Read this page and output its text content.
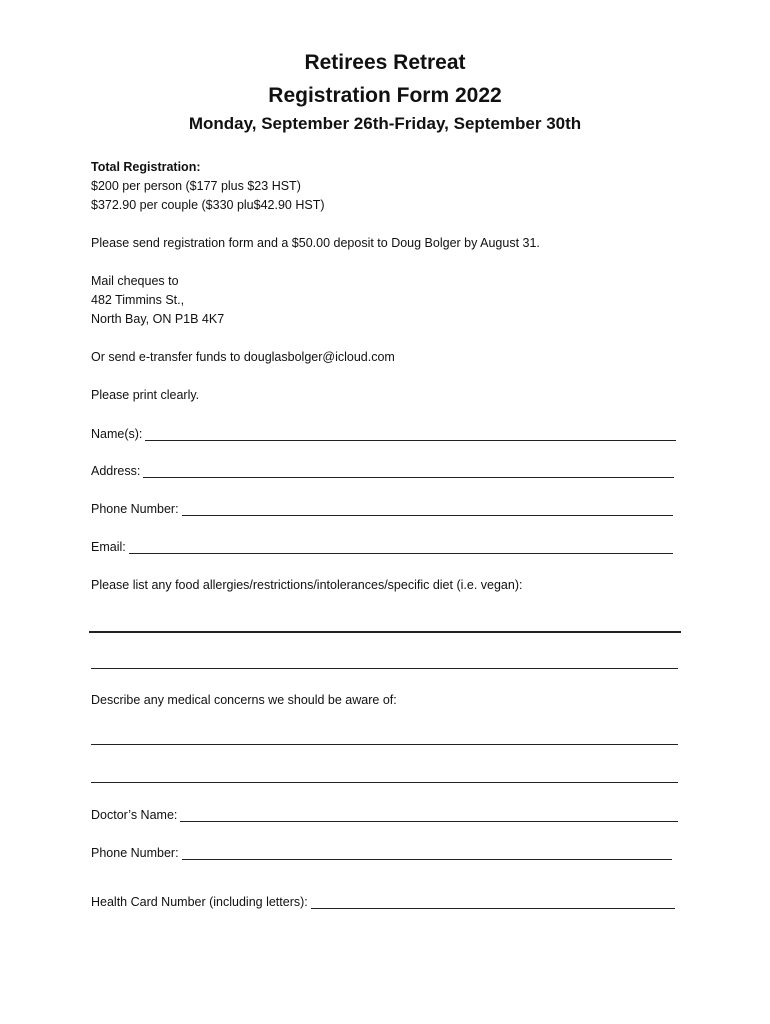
Retirees Retreat
Registration Form 2022
Monday, September 26th-Friday, September 30th
Total Registration:
$200 per person ($177 plus $23 HST)
$372.90 per couple ($330 plu$42.90 HST)
Please send registration form and a $50.00 deposit to Doug Bolger by August 31.
Mail cheques to
482 Timmins St.,
North Bay, ON P1B 4K7
Or send e-transfer funds to douglasbolger@icloud.com
Please print clearly.
Name(s):
Address:
Phone Number:
Email:
Please list any food allergies/restrictions/intolerances/specific diet (i.e. vegan):
Describe any medical concerns we should be aware of:
Doctor’s Name:
Phone Number:
Health Card Number (including letters):
